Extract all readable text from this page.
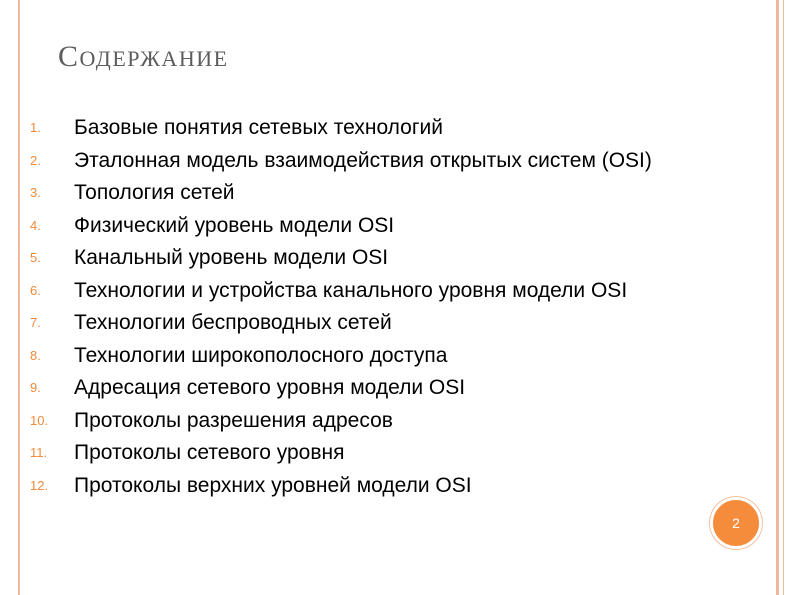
СОДЕРЖАНИЕ
1. Базовые понятия сетевых технологий
2. Эталонная модель взаимодействия открытых систем (OSI)
3. Топология сетей
4. Физический уровень модели OSI
5. Канальный уровень модели OSI
6. Технологии и устройства канального уровня модели OSI
7. Технологии беспроводных сетей
8. Технологии широкополосного доступа
9. Адресация сетевого уровня модели OSI
10. Протоколы разрешения адресов
11. Протоколы сетевого уровня
12. Протоколы верхних уровней модели OSI
2
